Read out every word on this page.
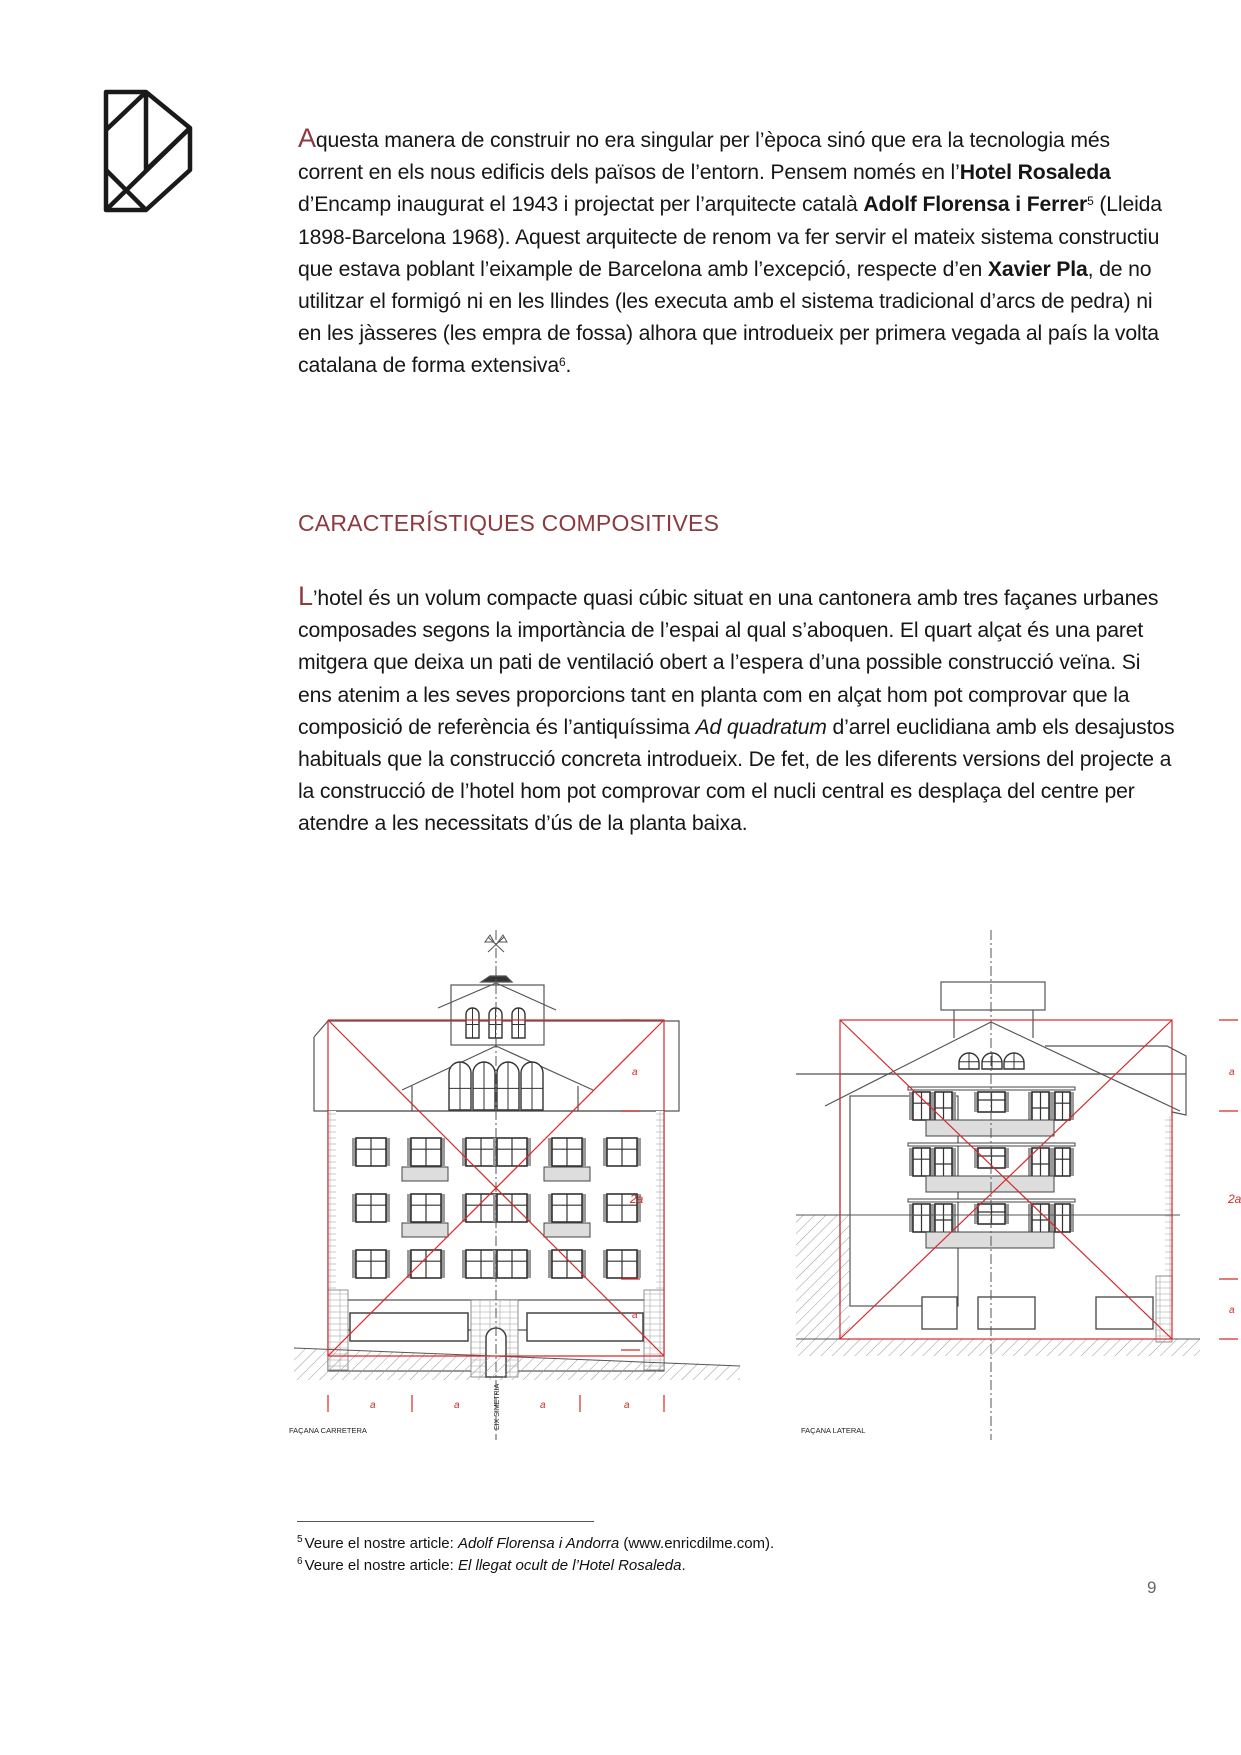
Aquesta manera de construir no era singular per l’època sinó que era la tecnologia més corrent en els nous edificis dels països de l’entorn. Pensem només en l’Hotel Rosaleda d’Encamp inaugurat el 1943 i projectat per l’arquitecte català Adolf Florensa i Ferrer$^5$ (Lleida 1898-Barcelona 1968). Aquest arquitecte de renom va fer servir el mateix sistema constructiu que estava poblant l’eixample de Barcelona amb l’excepció, respecte d’en Xavier Pla, de no utilitzar el formigó ni en les llindes (les executa amb el sistema tradicional d’arcs de pedra) ni en les jàsseres (les empra de fossa) alhora que introdueix per primera vegada al país la volta catalana de forma extensiva$^6$.

CARACTERÍSTIQUES COMPOSITIVES

L’hotel és un volum compacte quasi cúbic situat en una cantonera amb tres façanes urbanes composades segons la importància de l’espai al qual s’aboquen. El quart alçat és una paret mitgera que deixa un pati de ventilació obert a l’espera d’una possible construcció veïna. Si ens atenim a les seves proporcions tant en planta com en alçat hom pot comprovar que la composició de referència és l’antiquíssima Ad quadratum d’arrel euclidiana amb els desajustos habituals que la construcció concreta introdueix. De fet, de les diferents versions del projecte a la construcció de l’hotel hom pot comprovar com el nucli central es desplaça del centre per atendre a les necessitats d’ús de la planta baixa.

a
2a
a
a	a	a	a
FAÇANA CARRETERA
EIX SIMETRIA
a
2a
a
FAÇANA LATERAL
$^5$ Veure el nostre article: Adolf Florensa i Andorra (www.enricdilme.com).
$^6$ Veure el nostre article: El llegat ocult de l’Hotel Rosaleda.
9
